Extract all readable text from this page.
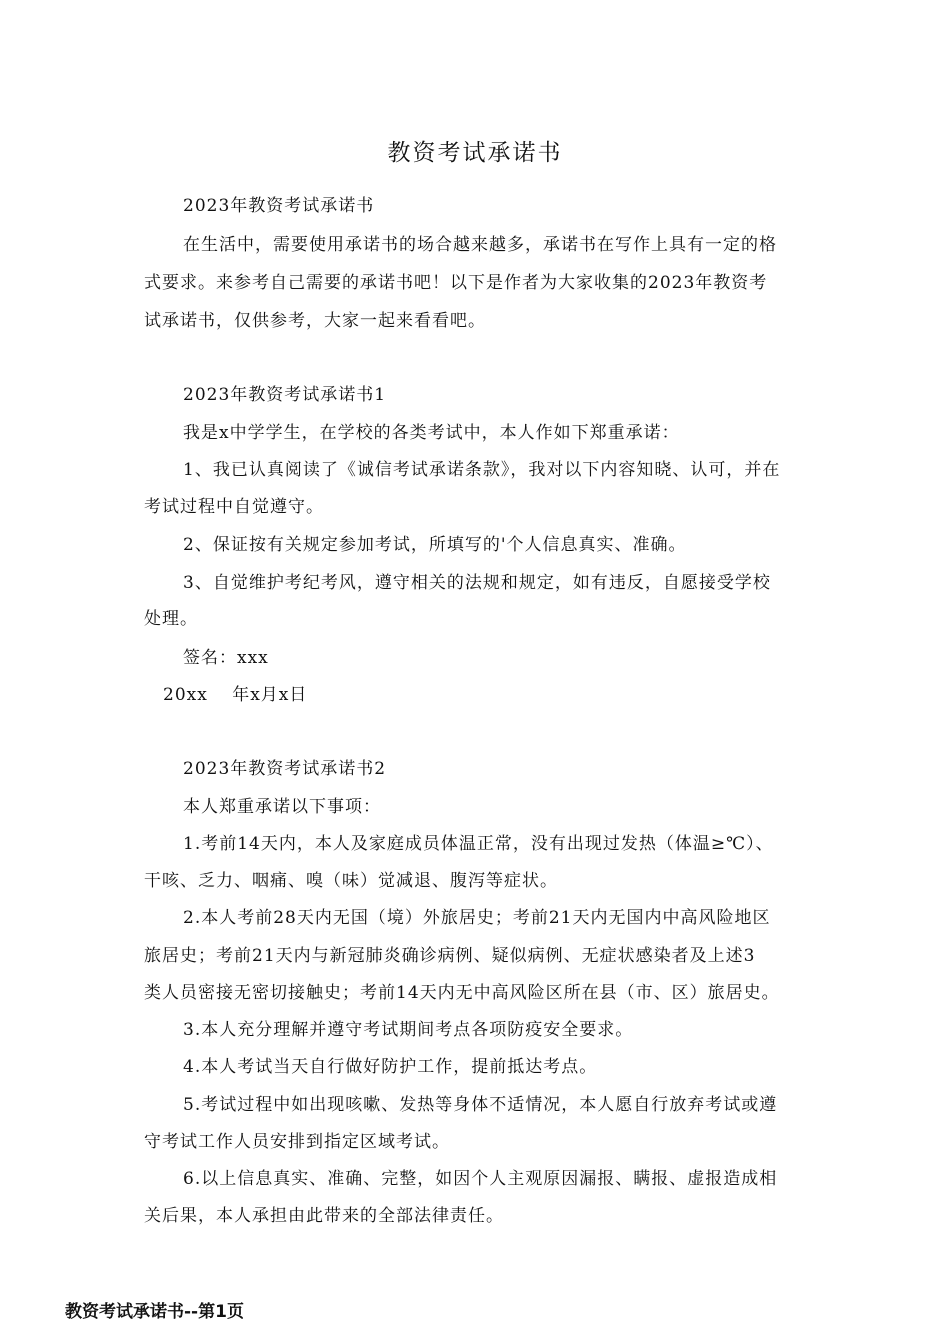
教资考试承诺书
2023年教资考试承诺书
在生活中，需要使用承诺书的场合越来越多，承诺书在写作上具有一定的格
式要求。来参考自己需要的承诺书吧！以下是作者为大家收集的2023年教资考
试承诺书，仅供参考，大家一起来看看吧。
2023年教资考试承诺书1
我是x中学学生，在学校的各类考试中，本人作如下郑重承诺：
1、我已认真阅读了《诚信考试承诺条款》，我对以下内容知晓、认可，并在
考试过程中自觉遵守。
2、保证按有关规定参加考试，所填写的'个人信息真实、准确。
3、自觉维护考纪考风，遵守相关的法规和规定，如有违反，自愿接受学校
处理。
签名：xxx
20xx　 年x月x日
2023年教资考试承诺书2
本人郑重承诺以下事项：
1.考前14天内，本人及家庭成员体温正常，没有出现过发热（体温≥℃）、
干咳、乏力、咽痛、嗅（味）觉减退、腹泻等症状。
2.本人考前28天内无国（境）外旅居史；考前21天内无国内中高风险地区
旅居史；考前21天内与新冠肺炎确诊病例、疑似病例、无症状感染者及上述3
类人员密接无密切接触史；考前14天内无中高风险区所在县（市、区）旅居史。
3.本人充分理解并遵守考试期间考点各项防疫安全要求。
4.本人考试当天自行做好防护工作，提前抵达考点。
5.考试过程中如出现咳嗽、发热等身体不适情况，本人愿自行放弃考试或遵
守考试工作人员安排到指定区域考试。
6.以上信息真实、准确、完整，如因个人主观原因漏报、瞒报、虚报造成相
关后果，本人承担由此带来的全部法律责任。
教资考试承诺书--第1页
